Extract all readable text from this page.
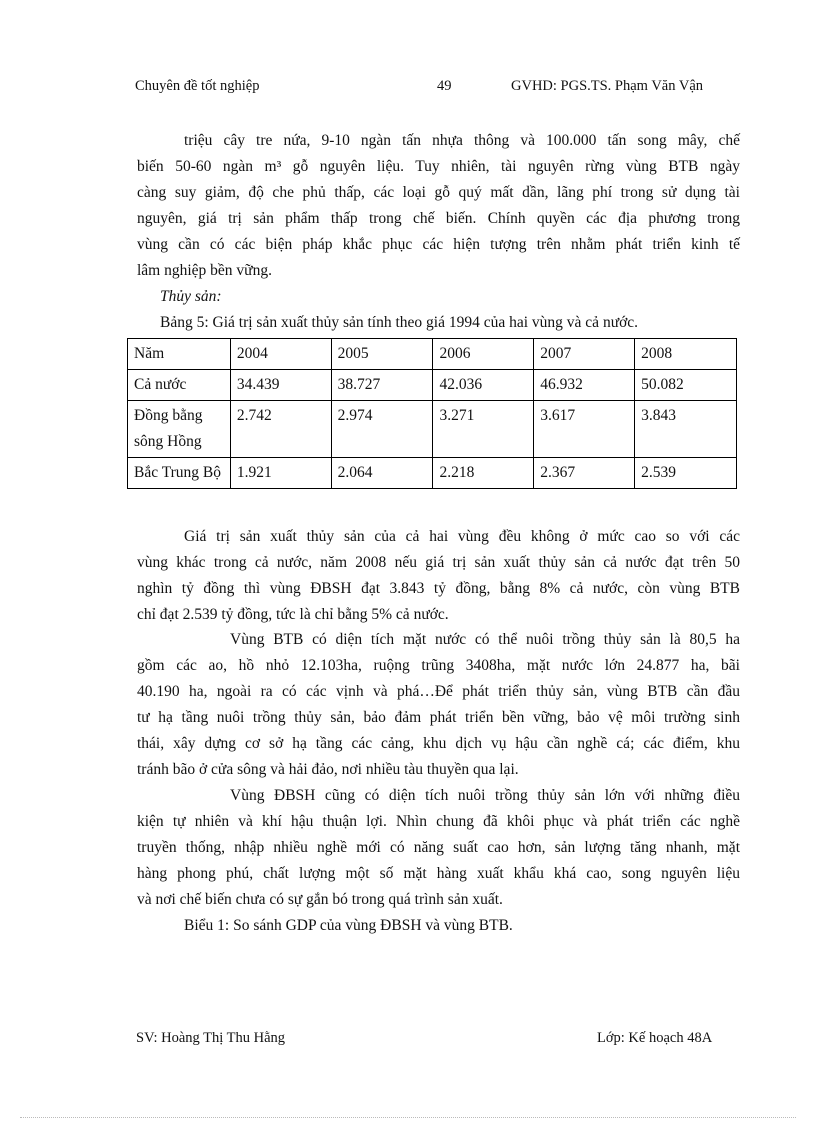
Chuyên đề tốt nghiệp	49	GVHD: PGS.TS. Phạm Văn Vận
triệu cây tre nứa, 9-10 ngàn tấn nhựa thông và 100.000 tấn song mây, chế
biến 50-60 ngàn m³ gỗ nguyên liệu. Tuy nhiên, tài nguyên rừng vùng BTB ngày
càng suy giảm, độ che phủ thấp, các loại gỗ quý mất dần, lãng phí trong sử dụng tài
nguyên, giá trị sản phẩm thấp trong chế biến. Chính quyền các địa phương trong
vùng cần có các biện pháp khắc phục các hiện tượng trên nhằm phát triển kinh tế
lâm nghiệp bền vững.
Thủy sản:
Bảng 5: Giá trị sản xuất thủy sản tính theo giá 1994 của hai vùng và cả nước.
Năm	2004	2005	2006	2007	2008
Cả nước	34.439	38.727	42.036	46.932	50.082
Đồng bằng sông Hồng	2.742	2.974	3.271	3.617	3.843
Bắc Trung Bộ	1.921	2.064	2.218	2.367	2.539
Giá trị sản xuất thủy sản của cả hai vùng đều không ở mức cao so với các
vùng khác trong cả nước, năm 2008 nếu giá trị sản xuất thủy sản cả nước đạt trên 50
nghìn tỷ đồng thì vùng ĐBSH đạt 3.843 tỷ đồng, bằng 8% cả nước, còn vùng BTB
chỉ đạt 2.539 tỷ đồng, tức là chỉ bằng 5% cả nước.
Vùng BTB có diện tích mặt nước có thể nuôi trồng thủy sản là 80,5 ha
gồm các ao, hồ nhỏ 12.103ha, ruộng trũng 3408ha, mặt nước lớn 24.877 ha, bãi
40.190 ha, ngoài ra có các vịnh và phá…Để phát triển thủy sản, vùng BTB cần đầu
tư hạ tầng nuôi trồng thủy sản, bảo đảm phát triển bền vững, bảo vệ môi trường sinh
thái, xây dựng cơ sở hạ tầng các cảng, khu dịch vụ hậu cần nghề cá; các điểm, khu
tránh bão ở cửa sông và hải đảo, nơi nhiều tàu thuyền qua lại.
Vùng ĐBSH cũng có diện tích nuôi trồng thủy sản lớn với những điều
kiện tự nhiên và khí hậu thuận lợi. Nhìn chung đã khôi phục và phát triển các nghề
truyền thống, nhập nhiều nghề mới có năng suất cao hơn, sản lượng tăng nhanh, mặt
hàng phong phú, chất lượng một số mặt hàng xuất khẩu khá cao, song nguyên liệu
và nơi chế biến chưa có sự gắn bó trong quá trình sản xuất.
Biểu 1: So sánh GDP của vùng ĐBSH và vùng BTB.
SV: Hoàng Thị Thu Hằng	Lớp: Kế hoạch 48A
